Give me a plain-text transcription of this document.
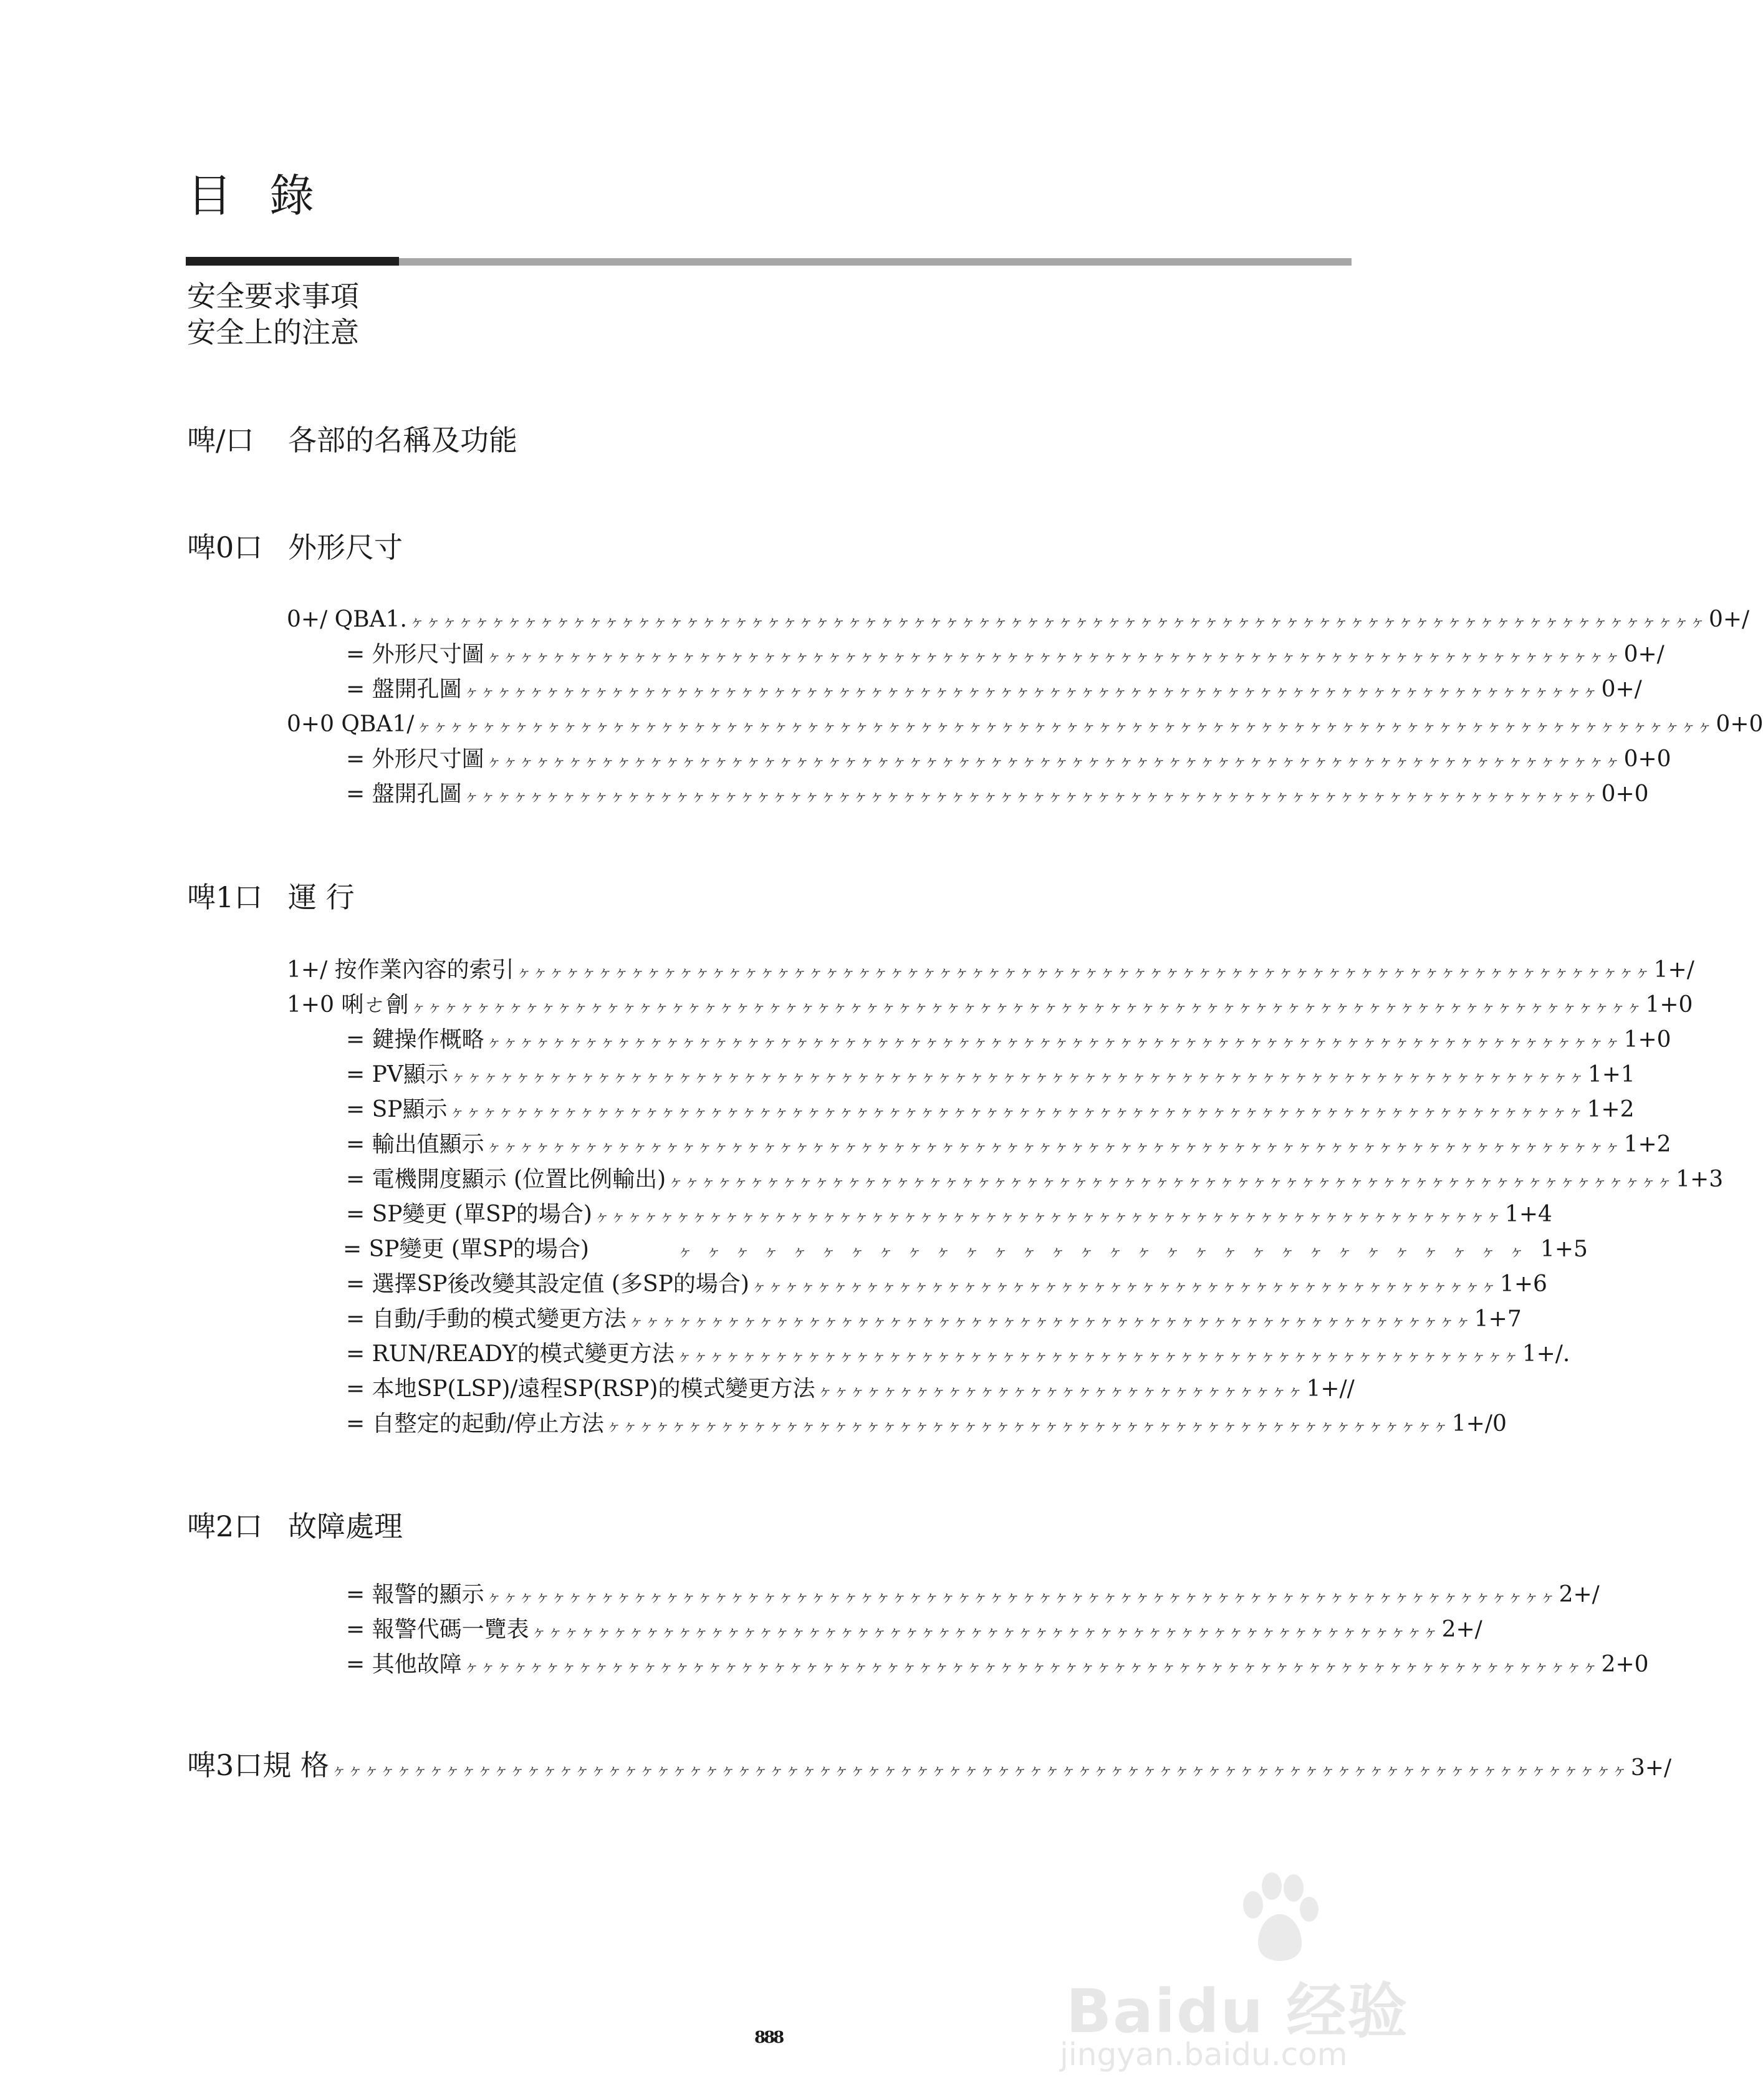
目錄
安全要求事項
安全上的注意
啤/口 各部的名稱及功能
啤0口 外形尺寸
0+/ QBA1. ヶヶヶヶヶヶヶヶヶヶヶヶヶヶヶヶヶヶヶヶヶヶヶヶヶヶヶヶヶヶヶヶヶヶヶヶヶヶヶヶヶヶヶヶヶヶヶヶヶヶヶヶヶヶヶヶヶヶヶヶヶヶヶヶヶヶヶヶヶヶヶヶヶヶヶヶヶヶヶヶ 0+/
= 外形尺寸圖 ヶヶヶヶヶヶヶヶヶヶヶヶヶヶヶヶヶヶヶヶヶヶヶヶヶヶヶヶヶヶヶヶヶヶヶヶヶヶヶヶヶヶヶヶヶヶヶヶヶヶヶヶヶヶヶヶヶヶヶヶヶヶヶヶヶヶヶヶヶヶ 0+/
= 盤開孔圖 ヶヶヶヶヶヶヶヶヶヶヶヶヶヶヶヶヶヶヶヶヶヶヶヶヶヶヶヶヶヶヶヶヶヶヶヶヶヶヶヶヶヶヶヶヶヶヶヶヶヶヶヶヶヶヶヶヶヶヶヶヶヶヶヶヶヶヶヶヶヶ 0+/
0+0 QBA1/ ヶヶヶヶヶヶヶヶヶヶヶヶヶヶヶヶヶヶヶヶヶヶヶヶヶヶヶヶヶヶヶヶヶヶヶヶヶヶヶヶヶヶヶヶヶヶヶヶヶヶヶヶヶヶヶヶヶヶヶヶヶヶヶヶヶヶヶヶヶヶヶヶヶヶヶヶヶヶヶヶ 0+0
= 外形尺寸圖 ヶヶヶヶヶヶヶヶヶヶヶヶヶヶヶヶヶヶヶヶヶヶヶヶヶヶヶヶヶヶヶヶヶヶヶヶヶヶヶヶヶヶヶヶヶヶヶヶヶヶヶヶヶヶヶヶヶヶヶヶヶヶヶヶヶヶヶヶヶヶ 0+0
= 盤開孔圖 ヶヶヶヶヶヶヶヶヶヶヶヶヶヶヶヶヶヶヶヶヶヶヶヶヶヶヶヶヶヶヶヶヶヶヶヶヶヶヶヶヶヶヶヶヶヶヶヶヶヶヶヶヶヶヶヶヶヶヶヶヶヶヶヶヶヶヶヶヶヶ 0+0
啤1口 運 行
1+/ 按作業內容的索引 ヶヶヶヶヶヶヶヶヶヶヶヶヶヶヶヶヶヶヶヶヶヶヶヶヶヶヶヶヶヶヶヶヶヶヶヶヶヶヶヶヶヶヶヶヶヶヶヶヶヶヶヶヶヶヶヶヶヶヶヶヶヶヶヶヶヶヶヶヶヶ 1+/
1+0 唎ㄜ劊 ヶヶヶヶヶヶヶヶヶヶヶヶヶヶヶヶヶヶヶヶヶヶヶヶヶヶヶヶヶヶヶヶヶヶヶヶヶヶヶヶヶヶヶヶヶヶヶヶヶヶヶヶヶヶヶヶヶヶヶヶヶヶヶヶヶヶヶヶヶヶヶヶヶヶヶヶ 1+0
= 鍵操作概略 ヶヶヶヶヶヶヶヶヶヶヶヶヶヶヶヶヶヶヶヶヶヶヶヶヶヶヶヶヶヶヶヶヶヶヶヶヶヶヶヶヶヶヶヶヶヶヶヶヶヶヶヶヶヶヶヶヶヶヶヶヶヶヶヶヶヶヶヶヶヶ 1+0
= PV顯示 ヶヶヶヶヶヶヶヶヶヶヶヶヶヶヶヶヶヶヶヶヶヶヶヶヶヶヶヶヶヶヶヶヶヶヶヶヶヶヶヶヶヶヶヶヶヶヶヶヶヶヶヶヶヶヶヶヶヶヶヶヶヶヶヶヶヶヶヶヶヶ 1+1
= SP顯示 ヶヶヶヶヶヶヶヶヶヶヶヶヶヶヶヶヶヶヶヶヶヶヶヶヶヶヶヶヶヶヶヶヶヶヶヶヶヶヶヶヶヶヶヶヶヶヶヶヶヶヶヶヶヶヶヶヶヶヶヶヶヶヶヶヶヶヶヶヶヶ 1+2
= 輸出值顯示 ヶヶヶヶヶヶヶヶヶヶヶヶヶヶヶヶヶヶヶヶヶヶヶヶヶヶヶヶヶヶヶヶヶヶヶヶヶヶヶヶヶヶヶヶヶヶヶヶヶヶヶヶヶヶヶヶヶヶヶヶヶヶヶヶヶヶヶヶヶヶ 1+2
= 電機開度顯示 (位置比例輸出) ヶヶヶヶヶヶヶヶヶヶヶヶヶヶヶヶヶヶヶヶヶヶヶヶヶヶヶヶヶヶヶヶヶヶヶヶヶヶヶヶヶヶヶヶヶヶヶヶヶヶヶヶヶヶヶヶヶヶヶヶヶヶ 1+3
= SP變更 (單SP的場合) ヶヶヶヶヶヶヶヶヶヶヶヶヶヶヶヶヶヶヶヶヶヶヶヶヶヶヶヶヶヶヶヶヶヶヶヶヶヶヶヶヶヶヶヶヶヶヶヶヶヶヶヶヶヶヶヶ 1+4
= SP變更 (單SP的場合) 　　　ヶヶヶヶヶヶヶヶヶヶヶヶヶヶヶヶヶヶヶヶヶヶヶヶヶヶヶヶヶヶ 1+5
= 選擇SP後改變其設定值 (多SP的場合) ヶヶヶヶヶヶヶヶヶヶヶヶヶヶヶヶヶヶヶヶヶヶヶヶヶヶヶヶヶヶヶヶヶヶヶヶヶヶヶヶヶヶヶヶヶヶ 1+6
= 自動/手動的模式變更方法 ヶヶヶヶヶヶヶヶヶヶヶヶヶヶヶヶヶヶヶヶヶヶヶヶヶヶヶヶヶヶヶヶヶヶヶヶヶヶヶヶヶヶヶヶヶヶヶヶヶヶヶヶ 1+7
= RUN/READY的模式變更方法 ヶヶヶヶヶヶヶヶヶヶヶヶヶヶヶヶヶヶヶヶヶヶヶヶヶヶヶヶヶヶヶヶヶヶヶヶヶヶヶヶヶヶヶヶヶヶヶヶヶヶヶヶ 1+/.
= 本地SP(LSP)/遠程SP(RSP)的模式變更方法 ヶヶヶヶヶヶヶヶヶヶヶヶヶヶヶヶヶヶヶヶヶヶヶヶヶヶヶヶヶヶ 1+//
= 自整定的起動/停止方法 ヶヶヶヶヶヶヶヶヶヶヶヶヶヶヶヶヶヶヶヶヶヶヶヶヶヶヶヶヶヶヶヶヶヶヶヶヶヶヶヶヶヶヶヶヶヶヶヶヶヶヶヶ 1+/0
啤2口 故障處理
= 報警的顯示 ヶヶヶヶヶヶヶヶヶヶヶヶヶヶヶヶヶヶヶヶヶヶヶヶヶヶヶヶヶヶヶヶヶヶヶヶヶヶヶヶヶヶヶヶヶヶヶヶヶヶヶヶヶヶヶヶヶヶヶヶヶヶヶヶヶヶ 2+/
= 報警代碼一覽表 ヶヶヶヶヶヶヶヶヶヶヶヶヶヶヶヶヶヶヶヶヶヶヶヶヶヶヶヶヶヶヶヶヶヶヶヶヶヶヶヶヶヶヶヶヶヶヶヶヶヶヶヶヶヶヶヶ 2+/
= 其他故障 ヶヶヶヶヶヶヶヶヶヶヶヶヶヶヶヶヶヶヶヶヶヶヶヶヶヶヶヶヶヶヶヶヶヶヶヶヶヶヶヶヶヶヶヶヶヶヶヶヶヶヶヶヶヶヶヶヶヶヶヶヶヶヶヶヶヶヶヶヶヶ 2+0
啤3口 規 格 ヶヶヶヶヶヶヶヶヶヶヶヶヶヶヶヶヶヶヶヶヶヶヶヶヶヶヶヶヶヶヶヶヶヶヶヶヶヶヶヶヶヶヶヶヶヶヶヶヶヶヶヶヶヶヶヶヶヶヶヶヶヶヶヶヶヶヶヶヶヶヶヶヶヶヶヶヶヶヶヶ 3+/
888	Baidu 经验
jingyan.baidu.com
